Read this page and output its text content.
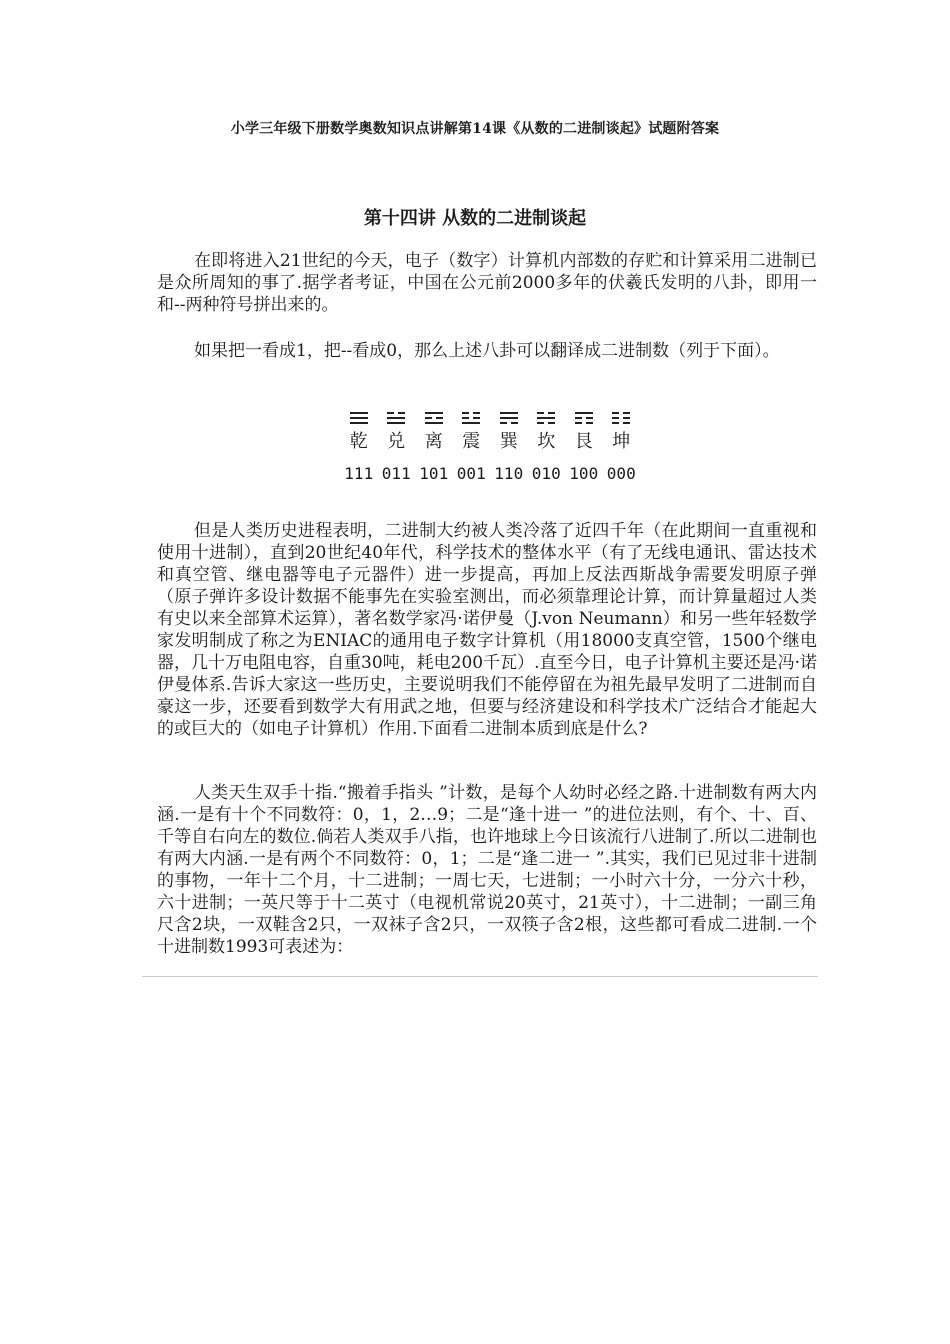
小学三年级下册数学奥数知识点讲解第14课《从数的二进制谈起》试题附答案
第十四讲 从数的二进制谈起

在即将进入21世纪的今天，电子（数字）计算机内部数的存贮和计算采用二进制已是众所周知的事了.据学者考证，中国在公元前2000多年的伏羲氏发明的八卦，即用一和--两种符号拼出来的。

如果把一看成1，把--看成0，那么上述八卦可以翻译成二进制数（列于下面）。

乾	兑	离	震	巽	坎	艮	坤
111 011 101 001 110 010 100 000

但是人类历史进程表明，二进制大约被人类冷落了近四千年（在此期间一直重视和使用十进制），直到20世纪40年代，科学技术的整体水平（有了无线电通讯、雷达技术和真空管、继电器等电子元器件）进一步提高，再加上反法西斯战争需要发明原子弹（原子弹许多设计数据不能事先在实验室测出，而必须靠理论计算，而计算量超过人类有史以来全部算术运算），著名数学家冯·诺伊曼（J.von Neumann）和另一些年轻数学家发明制成了称之为ENIAC的通用电子数字计算机（用18000支真空管，1500个继电器，几十万电阻电容，自重30吨，耗电200千瓦）.直至今日，电子计算机主要还是冯·诺伊曼体系.告诉大家这一些历史，主要说明我们不能停留在为祖先最早发明了二进制而自豪这一步，还要看到数学大有用武之地，但要与经济建设和科学技术广泛结合才能起大的或巨大的（如电子计算机）作用.下面看二进制本质到底是什么?

人类天生双手十指.“搬着手指头 ”计数，是每个人幼时必经之路.十进制数有两大内涵.一是有十个不同数符：0，1，2…9；二是“逢十进一 ”的进位法则，有个、十、百、千等自右向左的数位.倘若人类双手八指，也许地球上今日该流行八进制了.所以二进制也有两大内涵.一是有两个不同数符：0，1；二是“逢二进一 ”.其实，我们已见过非十进制的事物，一年十二个月，十二进制；一周七天，七进制；一小时六十分，一分六十秒，六十进制；一英尺等于十二英寸（电视机常说20英寸，21英寸），十二进制；一副三角尺含2块，一双鞋含2只，一双袜子含2只，一双筷子含2根，这些都可看成二进制.一个十进制数1993可表述为：
